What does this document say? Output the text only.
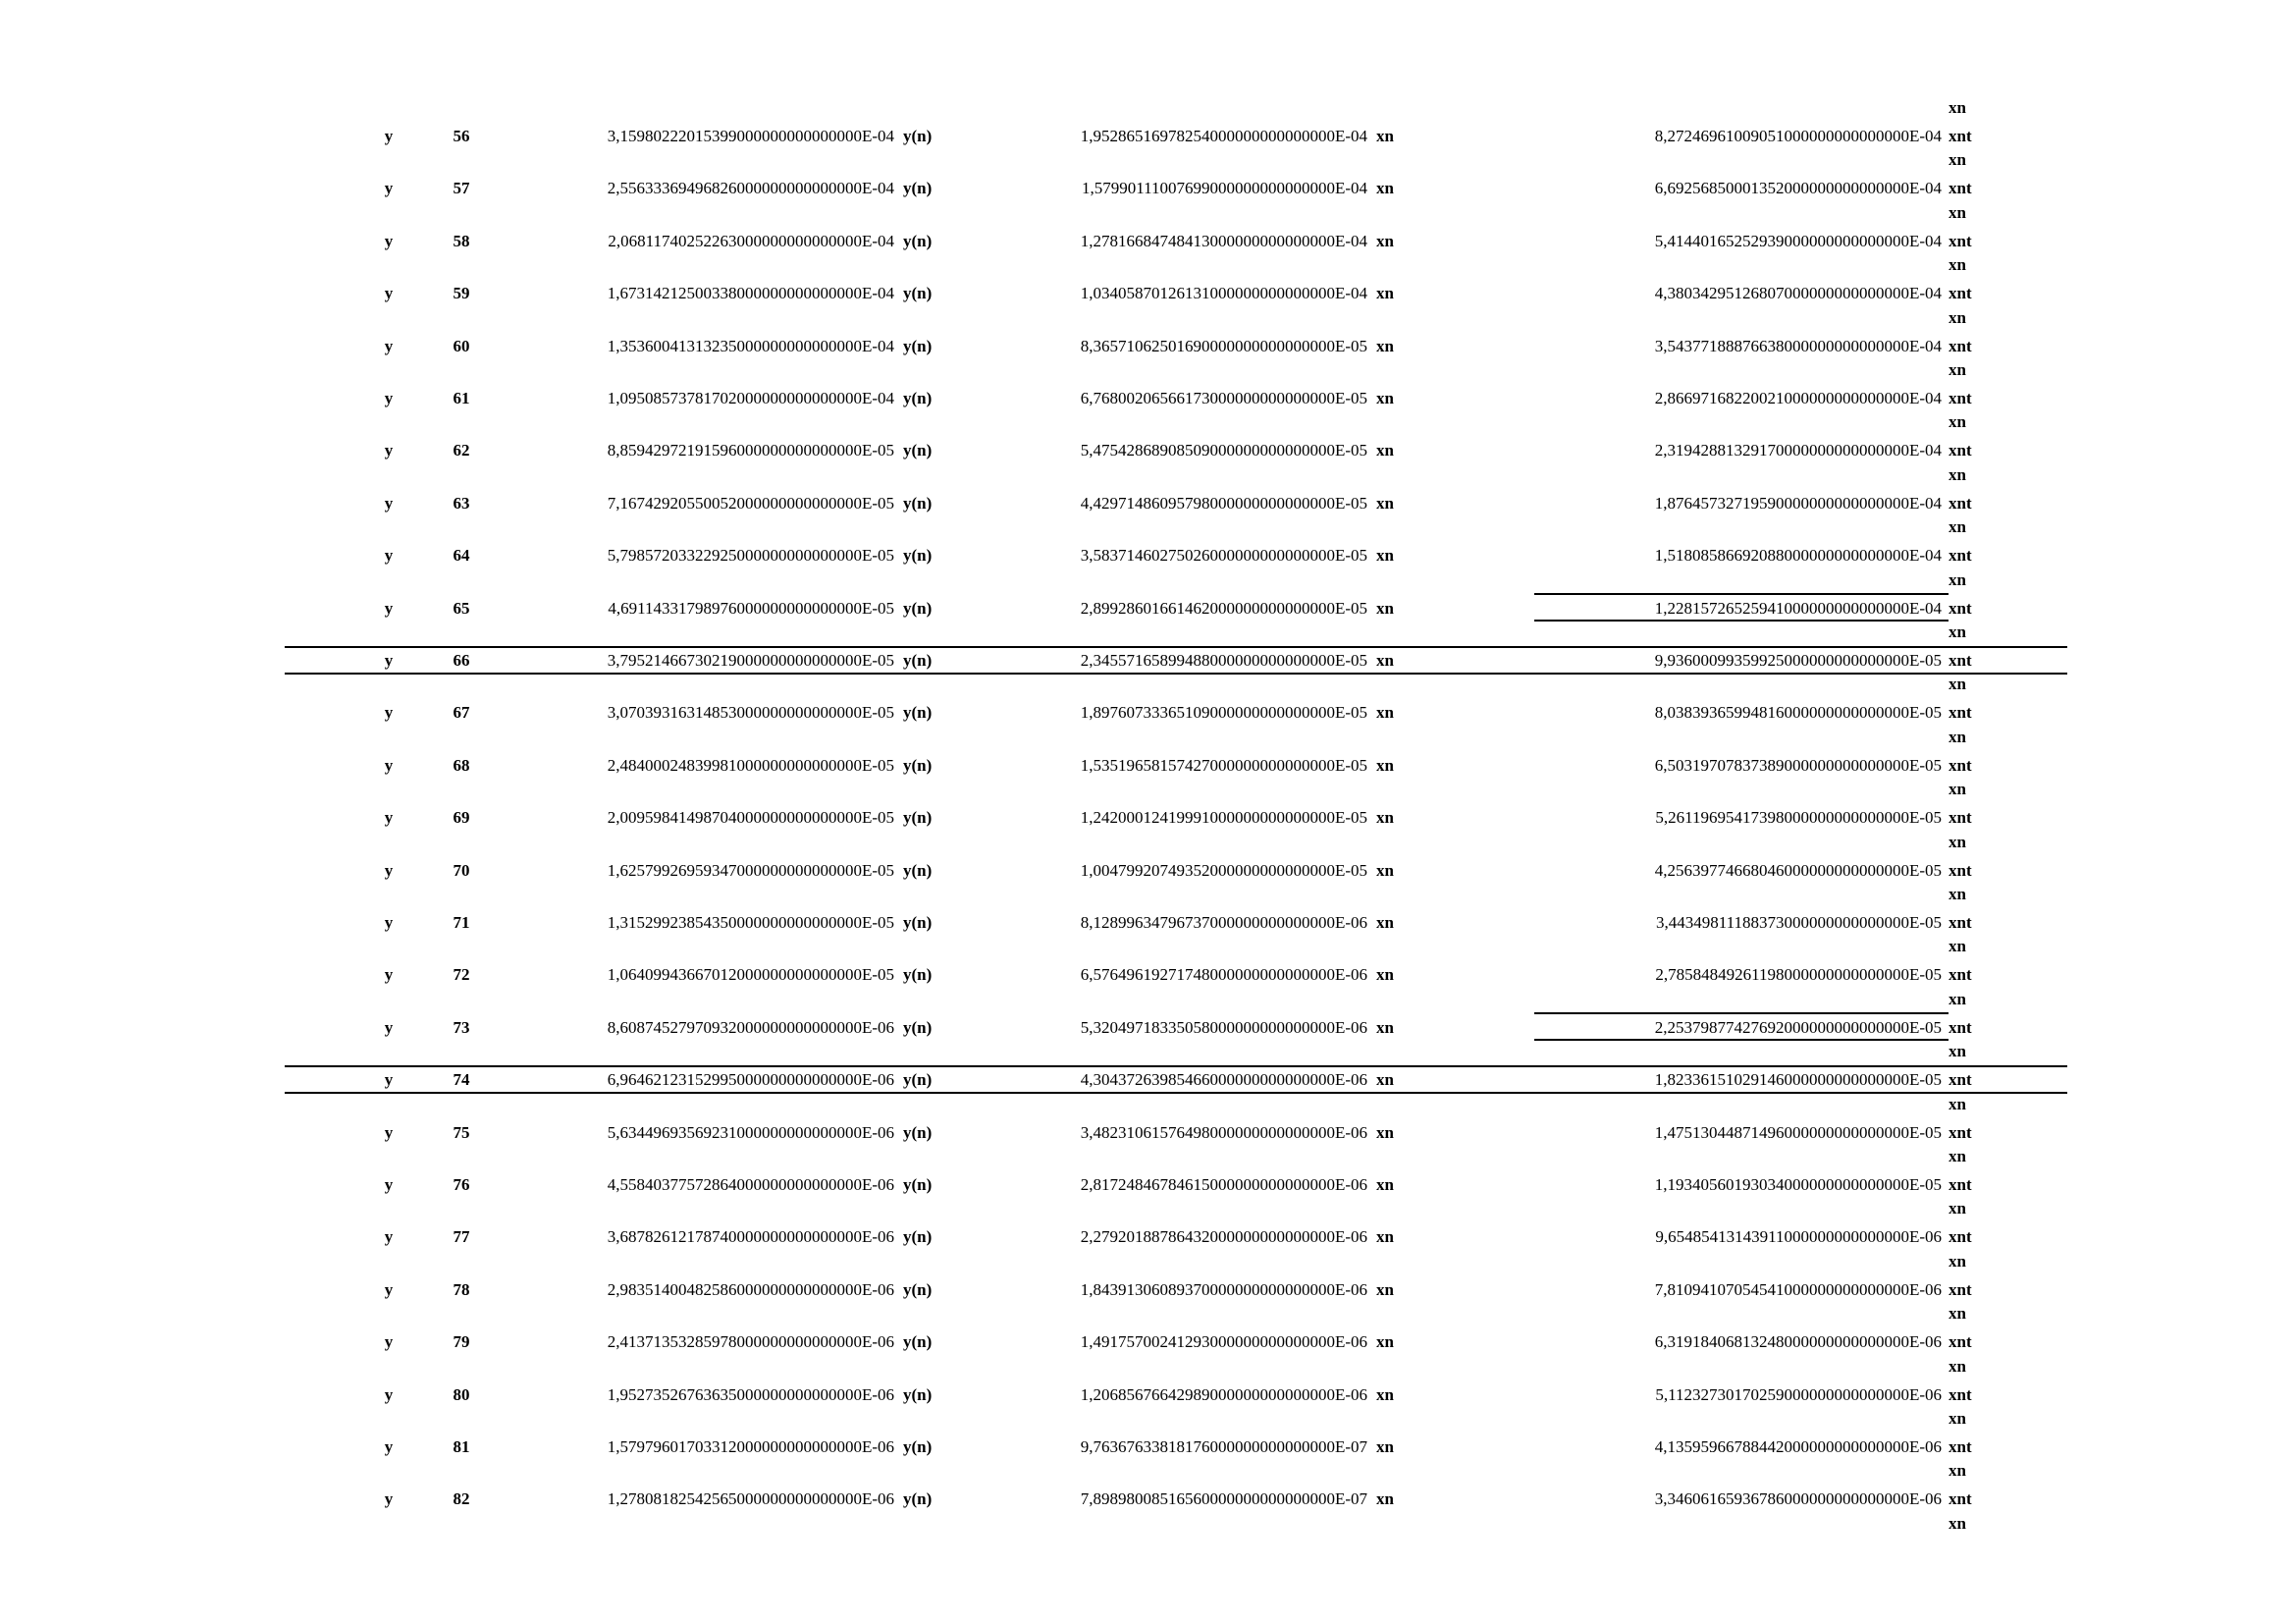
y	56	3,15980222015399000000000000000E-04 y(n)	1,95286516978254000000000000000E-04 xn	8,27246961009051000000000000000E-04 xnt
xn
y	57	2,55633369496826000000000000000E-04 y(n)	1,57990111007699000000000000000E-04 xn	6,69256850001352000000000000000E-04 xnt
xn
y	58	2,06811740252263000000000000000E-04 y(n)	1,27816684748413000000000000000E-04 xn	5,41440165252939000000000000000E-04 xnt
xn
y	59	1,67314212500338000000000000000E-04 y(n)	1,03405870126131000000000000000E-04 xn	4,38034295126807000000000000000E-04 xnt
xn
y	60	1,35360041313235000000000000000E-04 y(n)	8,36571062501690000000000000000E-05 xn	3,54377188876638000000000000000E-04 xnt
xn
y	61	1,09508573781702000000000000000E-04 y(n)	6,76800206566173000000000000000E-05 xn	2,86697168220021000000000000000E-04 xnt
xn
y	62	8,85942972191596000000000000000E-05 y(n)	5,47542868908509000000000000000E-05 xn	2,31942881329170000000000000000E-04 xnt
xn
y	63	7,16742920550052000000000000000E-05 y(n)	4,42971486095798000000000000000E-05 xn	1,87645732719590000000000000000E-04 xnt
xn
y	64	5,79857203322925000000000000000E-05 y(n)	3,58371460275026000000000000000E-05 xn	1,51808586692088000000000000000E-04 xnt
xn
y	65	4,69114331798976000000000000000E-05 y(n)	2,89928601661462000000000000000E-05 xn	1,22815726525941000000000000000E-04 xnt
xn
y	66	3,79521466730219000000000000000E-05 y(n)	2,34557165899488000000000000000E-05 xn	9,93600099359925000000000000000E-05 xnt
xn
y	67	3,07039316314853000000000000000E-05 y(n)	1,89760733365109000000000000000E-05 xn	8,03839365994816000000000000000E-05 xnt
xn
y	68	2,48400024839981000000000000000E-05 y(n)	1,53519658157427000000000000000E-05 xn	6,50319707837389000000000000000E-05 xnt
xn
y	69	2,00959841498704000000000000000E-05 y(n)	1,24200012419991000000000000000E-05 xn	5,26119695417398000000000000000E-05 xnt
xn
y	70	1,62579926959347000000000000000E-05 y(n)	1,00479920749352000000000000000E-05 xn	4,25639774668046000000000000000E-05 xnt
xn
y	71	1,31529923854350000000000000000E-05 y(n)	8,12899634796737000000000000000E-06 xn	3,44349811188373000000000000000E-05 xnt
xn
y	72	1,06409943667012000000000000000E-05 y(n)	6,57649619271748000000000000000E-06 xn	2,78584849261198000000000000000E-05 xnt
xn
y	73	8,60874527970932000000000000000E-06 y(n)	5,32049718335058000000000000000E-06 xn	2,25379877427692000000000000000E-05 xnt
xn
y	74	6,96462123152995000000000000000E-06 y(n)	4,30437263985466000000000000000E-06 xn	1,82336151029146000000000000000E-05 xnt
xn
y	75	5,63449693569231000000000000000E-06 y(n)	3,48231061576498000000000000000E-06 xn	1,47513044871496000000000000000E-05 xnt
xn
y	76	4,55840377572864000000000000000E-06 y(n)	2,81724846784615000000000000000E-06 xn	1,19340560193034000000000000000E-05 xnt
xn
y	77	3,68782612178740000000000000000E-06 y(n)	2,27920188786432000000000000000E-06 xn	9,65485413143911000000000000000E-06 xnt
xn
y	78	2,98351400482586000000000000000E-06 y(n)	1,84391306089370000000000000000E-06 xn	7,81094107054541000000000000000E-06 xnt
xn
y	79	2,41371353285978000000000000000E-06 y(n)	1,49175700241293000000000000000E-06 xn	6,31918406813248000000000000000E-06 xnt
xn
y	80	1,95273526763635000000000000000E-06 y(n)	1,20685676642989000000000000000E-06 xn	5,11232730170259000000000000000E-06 xnt
xn
y	81	1,57979601703312000000000000000E-06 y(n)	9,76367633818176000000000000000E-07 xn	4,13595966788442000000000000000E-06 xnt
xn
y	82	1,27808182542565000000000000000E-06 y(n)	7,89898008516560000000000000000E-07 xn	3,34606165936786000000000000000E-06 xnt
xn
xn
